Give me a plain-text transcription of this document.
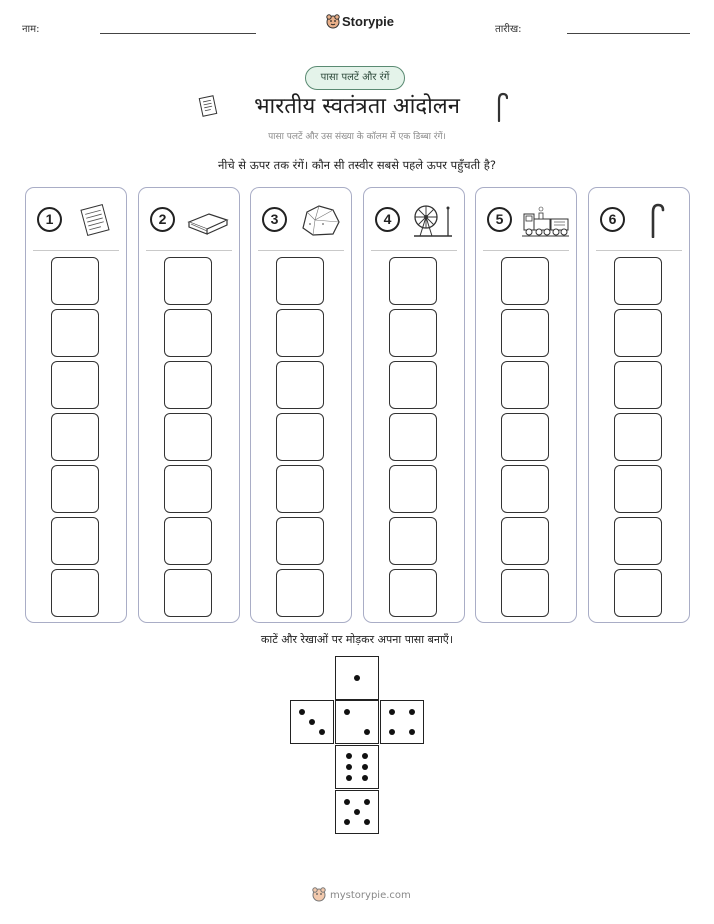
नाम:
Storypie
तारीख:
पासा पलटें और रंगें
भारतीय स्वतंत्रता आंदोलन
पासा पलटें और उस संख्या के कॉलम में एक डिब्बा रंगें।
नीचे से ऊपर तक रंगें। कौन सी तस्वीर सबसे पहले ऊपर पहुँचती है?
1	2	3	4	5	6
काटें और रेखाओं पर मोड़कर अपना पासा बनाएँ।
mystorypie.com
